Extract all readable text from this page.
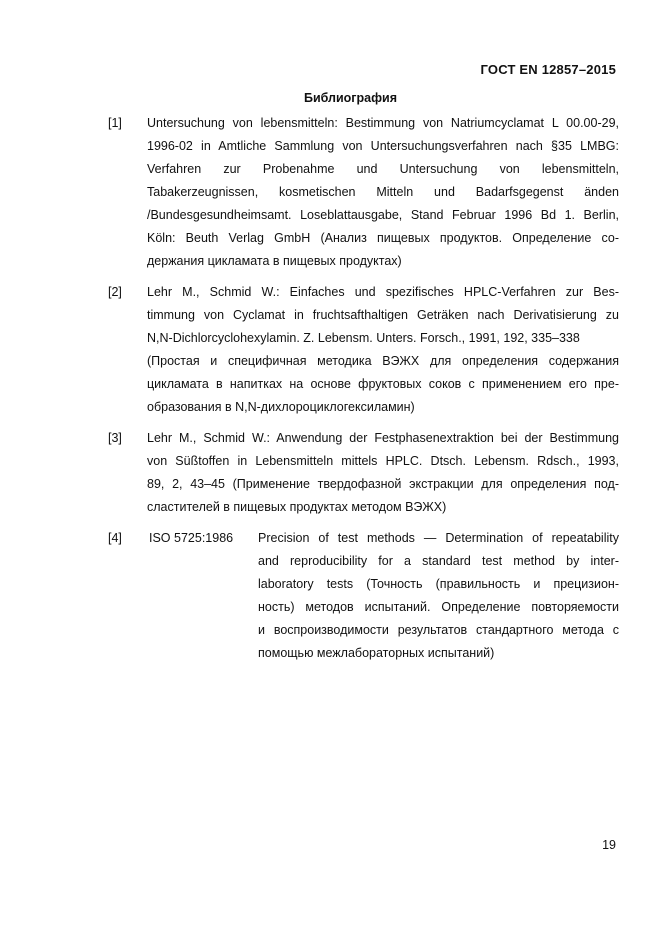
ГОСТ EN 12857–2015
Библиография
[1] Untersuchung von lebensmitteln: Bestimmung von Natriumcyclamat L 00.00-29,
1996-02 in Amtliche Sammlung von Untersuchungsverfahren nach §35 LMBG:
Verfahren zur Probenahme und Untersuchung von lebensmitteln,
Tabakerzeugnissen, kosmetischen Mitteln und Badarfsgegenst änden
/Bundesgesundheimsamt. Loseblattausgabe, Stand Februar 1996 Bd 1. Berlin,
Köln: Beuth Verlag GmbH (Анализ пищевых продуктов. Определение со-
держания цикламата в пищевых продуктах)
[2] Lehr M., Schmid W.: Einfaches und spezifisches HPLC-Verfahren zur Bes-
timmung von Cyclamat in fruchtsafthaltigen Geträken nach Derivatisierung zu
N,N-Dichlorcyclohexylamin. Z. Lebensm. Unters. Forsch., 1991, 192, 335–338
(Простая и специфичная методика ВЭЖХ для определения содержания
цикламата в напитках на основе фруктовых соков с применением его пре-
образования в N,N-дихлороциклогексиламин)
[3] Lehr M., Schmid W.: Anwendung der Festphasenextraktion bei der Bestimmung
von Süßtoffen in Lebensmitteln mittels HPLC. Dtsch. Lebensm. Rdsch., 1993,
89, 2, 43–45 (Применение твердофазной экстракции для определения под-
сластителей в пищевых продуктах методом ВЭЖХ)
[4] ISO 5725:1986 Precision of test methods — Determination of repeatability
and reproducibility for a standard test method by inter-
laboratory tests (Точность (правильность и прецизион-
ность) методов испытаний. Определение повторяемости
и воспроизводимости результатов стандартного метода с
помощью межлабораторных испытаний)
19
